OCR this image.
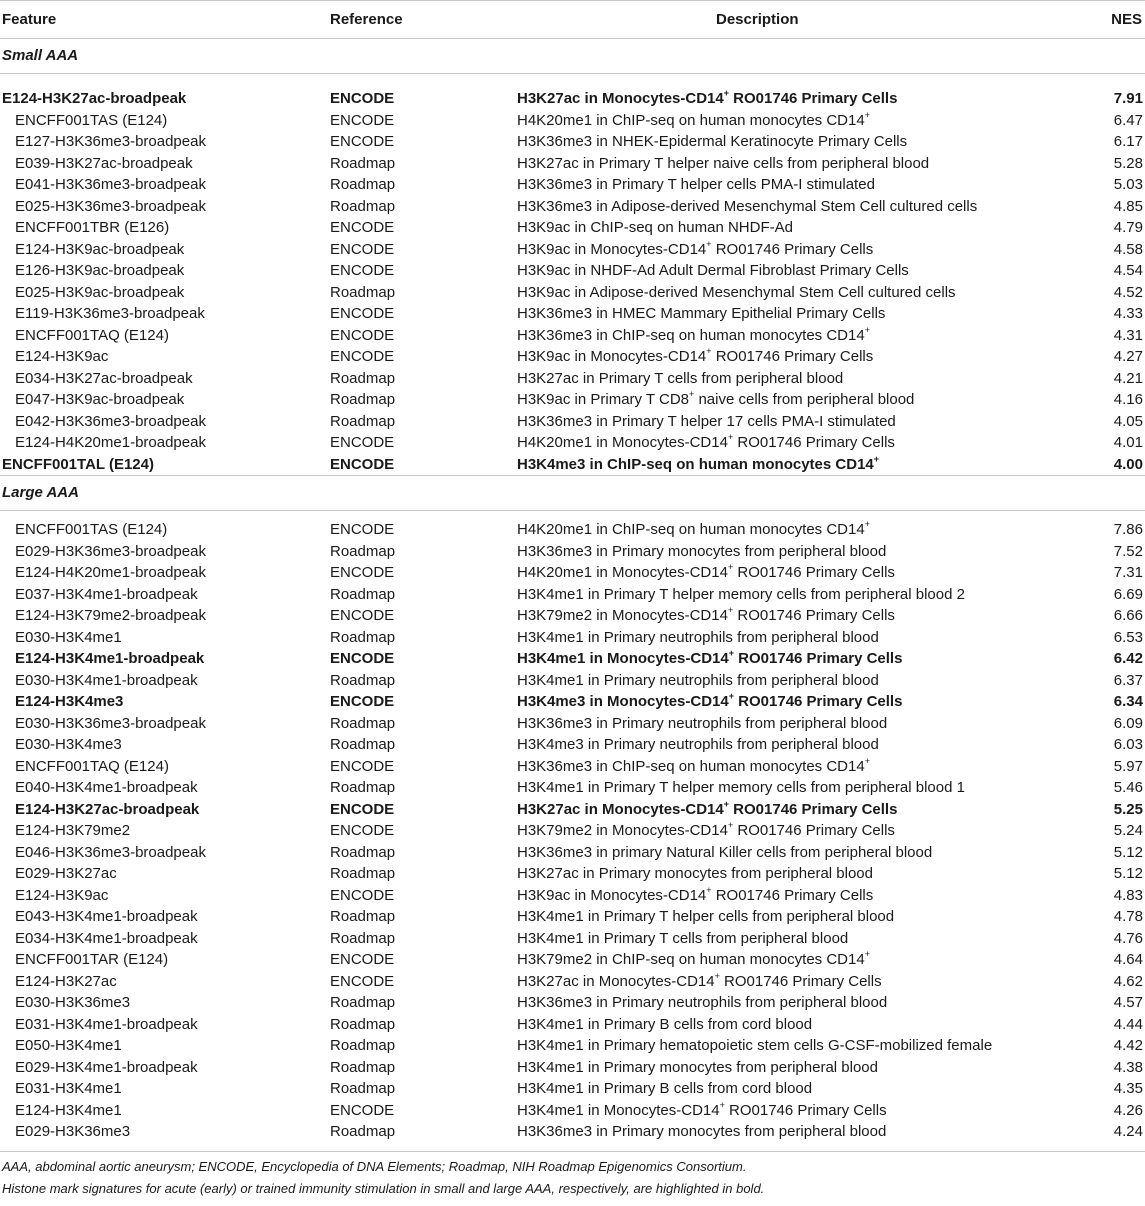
Feature	Reference	Description	NES
Small AAA
E124-H3K27ac-broadpeak	ENCODE	H3K27ac in Monocytes-CD14+ RO01746 Primary Cells	7.91
ENCFF001TAS (E124)	ENCODE	H4K20me1 in ChIP-seq on human monocytes CD14+	6.47
E127-H3K36me3-broadpeak	ENCODE	H3K36me3 in NHEK-Epidermal Keratinocyte Primary Cells	6.17
E039-H3K27ac-broadpeak	Roadmap	H3K27ac in Primary T helper naive cells from peripheral blood	5.28
E041-H3K36me3-broadpeak	Roadmap	H3K36me3 in Primary T helper cells PMA-I stimulated	5.03
E025-H3K36me3-broadpeak	Roadmap	H3K36me3 in Adipose-derived Mesenchymal Stem Cell cultured cells	4.85
ENCFF001TBR (E126)	ENCODE	H3K9ac in ChIP-seq on human NHDF-Ad	4.79
E124-H3K9ac-broadpeak	ENCODE	H3K9ac in Monocytes-CD14+ RO01746 Primary Cells	4.58
E126-H3K9ac-broadpeak	ENCODE	H3K9ac in NHDF-Ad Adult Dermal Fibroblast Primary Cells	4.54
E025-H3K9ac-broadpeak	Roadmap	H3K9ac in Adipose-derived Mesenchymal Stem Cell cultured cells	4.52
E119-H3K36me3-broadpeak	ENCODE	H3K36me3 in HMEC Mammary Epithelial Primary Cells	4.33
ENCFF001TAQ (E124)	ENCODE	H3K36me3 in ChIP-seq on human monocytes CD14+	4.31
E124-H3K9ac	ENCODE	H3K9ac in Monocytes-CD14+ RO01746 Primary Cells	4.27
E034-H3K27ac-broadpeak	Roadmap	H3K27ac in Primary T cells from peripheral blood	4.21
E047-H3K9ac-broadpeak	Roadmap	H3K9ac in Primary T CD8+ naive cells from peripheral blood	4.16
E042-H3K36me3-broadpeak	Roadmap	H3K36me3 in Primary T helper 17 cells PMA-I stimulated	4.05
E124-H4K20me1-broadpeak	ENCODE	H4K20me1 in Monocytes-CD14+ RO01746 Primary Cells	4.01
ENCFF001TAL (E124)	ENCODE	H3K4me3 in ChIP-seq on human monocytes CD14+	4.00
Large AAA
ENCFF001TAS (E124)	ENCODE	H4K20me1 in ChIP-seq on human monocytes CD14+	7.86
E029-H3K36me3-broadpeak	Roadmap	H3K36me3 in Primary monocytes from peripheral blood	7.52
E124-H4K20me1-broadpeak	ENCODE	H4K20me1 in Monocytes-CD14+ RO01746 Primary Cells	7.31
E037-H3K4me1-broadpeak	Roadmap	H3K4me1 in Primary T helper memory cells from peripheral blood 2	6.69
E124-H3K79me2-broadpeak	ENCODE	H3K79me2 in Monocytes-CD14+ RO01746 Primary Cells	6.66
E030-H3K4me1	Roadmap	H3K4me1 in Primary neutrophils from peripheral blood	6.53
E124-H3K4me1-broadpeak	ENCODE	H3K4me1 in Monocytes-CD14+ RO01746 Primary Cells	6.42
E030-H3K4me1-broadpeak	Roadmap	H3K4me1 in Primary neutrophils from peripheral blood	6.37
E124-H3K4me3	ENCODE	H3K4me3 in Monocytes-CD14+ RO01746 Primary Cells	6.34
E030-H3K36me3-broadpeak	Roadmap	H3K36me3 in Primary neutrophils from peripheral blood	6.09
E030-H3K4me3	Roadmap	H3K4me3 in Primary neutrophils from peripheral blood	6.03
ENCFF001TAQ (E124)	ENCODE	H3K36me3 in ChIP-seq on human monocytes CD14+	5.97
E040-H3K4me1-broadpeak	Roadmap	H3K4me1 in Primary T helper memory cells from peripheral blood 1	5.46
E124-H3K27ac-broadpeak	ENCODE	H3K27ac in Monocytes-CD14+ RO01746 Primary Cells	5.25
E124-H3K79me2	ENCODE	H3K79me2 in Monocytes-CD14+ RO01746 Primary Cells	5.24
E046-H3K36me3-broadpeak	Roadmap	H3K36me3 in primary Natural Killer cells from peripheral blood	5.12
E029-H3K27ac	Roadmap	H3K27ac in Primary monocytes from peripheral blood	5.12
E124-H3K9ac	ENCODE	H3K9ac in Monocytes-CD14+ RO01746 Primary Cells	4.83
E043-H3K4me1-broadpeak	Roadmap	H3K4me1 in Primary T helper cells from peripheral blood	4.78
E034-H3K4me1-broadpeak	Roadmap	H3K4me1 in Primary T cells from peripheral blood	4.76
ENCFF001TAR (E124)	ENCODE	H3K79me2 in ChIP-seq on human monocytes CD14+	4.64
E124-H3K27ac	ENCODE	H3K27ac in Monocytes-CD14+ RO01746 Primary Cells	4.62
E030-H3K36me3	Roadmap	H3K36me3 in Primary neutrophils from peripheral blood	4.57
E031-H3K4me1-broadpeak	Roadmap	H3K4me1 in Primary B cells from cord blood	4.44
E050-H3K4me1	Roadmap	H3K4me1 in Primary hematopoietic stem cells G-CSF-mobilized female	4.42
E029-H3K4me1-broadpeak	Roadmap	H3K4me1 in Primary monocytes from peripheral blood	4.38
E031-H3K4me1	Roadmap	H3K4me1 in Primary B cells from cord blood	4.35
E124-H3K4me1	ENCODE	H3K4me1 in Monocytes-CD14+ RO01746 Primary Cells	4.26
E029-H3K36me3	Roadmap	H3K36me3 in Primary monocytes from peripheral blood	4.24
AAA, abdominal aortic aneurysm; ENCODE, Encyclopedia of DNA Elements; Roadmap, NIH Roadmap Epigenomics Consortium.
Histone mark signatures for acute (early) or trained immunity stimulation in small and large AAA, respectively, are highlighted in bold.
